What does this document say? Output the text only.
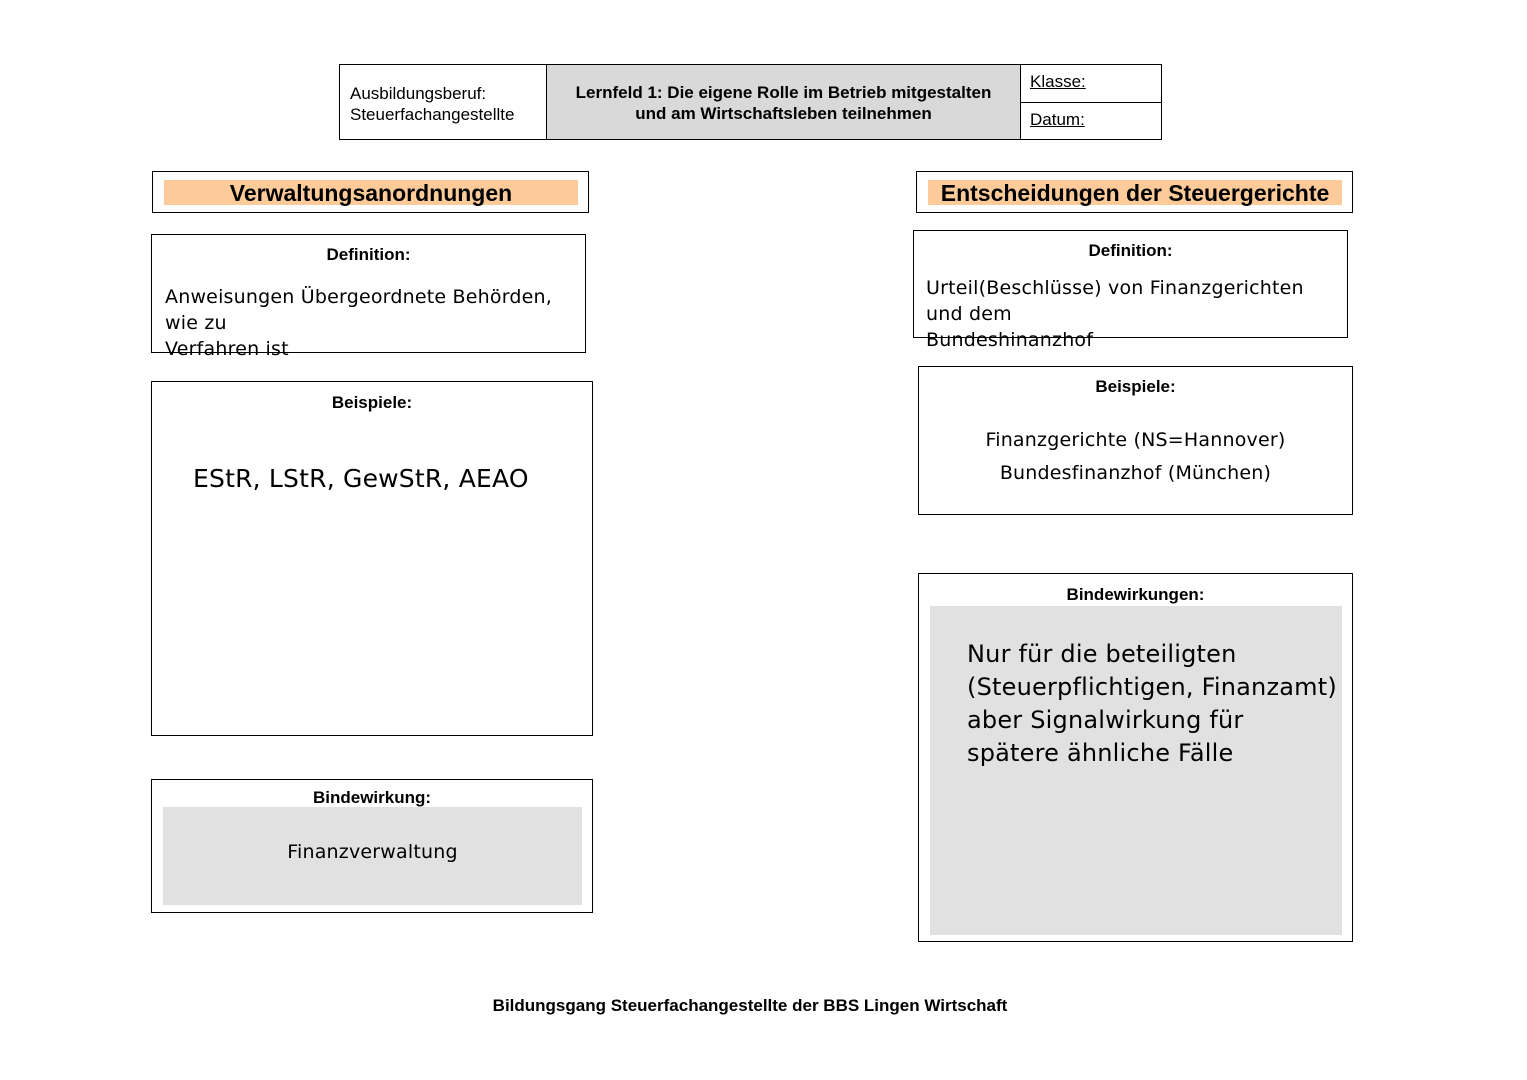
Ausbildungsberuf:
Steuerfachangestellte
Lernfeld 1: Die eigene Rolle im Betrieb mitgestalten
und am Wirtschaftsleben teilnehmen
Klasse:
Datum:
Verwaltungsanordnungen
Definition:
Anweisungen Übergeordnete Behörden, wie zu
Verfahren ist
Beispiele:
EStR, LStR, GewStR, AEAO
Bindewirkung:
Finanzverwaltung
Entscheidungen der Steuergerichte
Definition:
Urteil(Beschlüsse) von Finanzgerichten und dem
Bundeshinanzhof
Beispiele:
Finanzgerichte (NS=Hannover)
Bundesfinanzhof (München)
Bindewirkungen:
Nur für die beteiligten
(Steuerpflichtigen, Finanzamt)
aber Signalwirkung für
spätere ähnliche Fälle
Bildungsgang Steuerfachangestellte der BBS Lingen Wirtschaft
